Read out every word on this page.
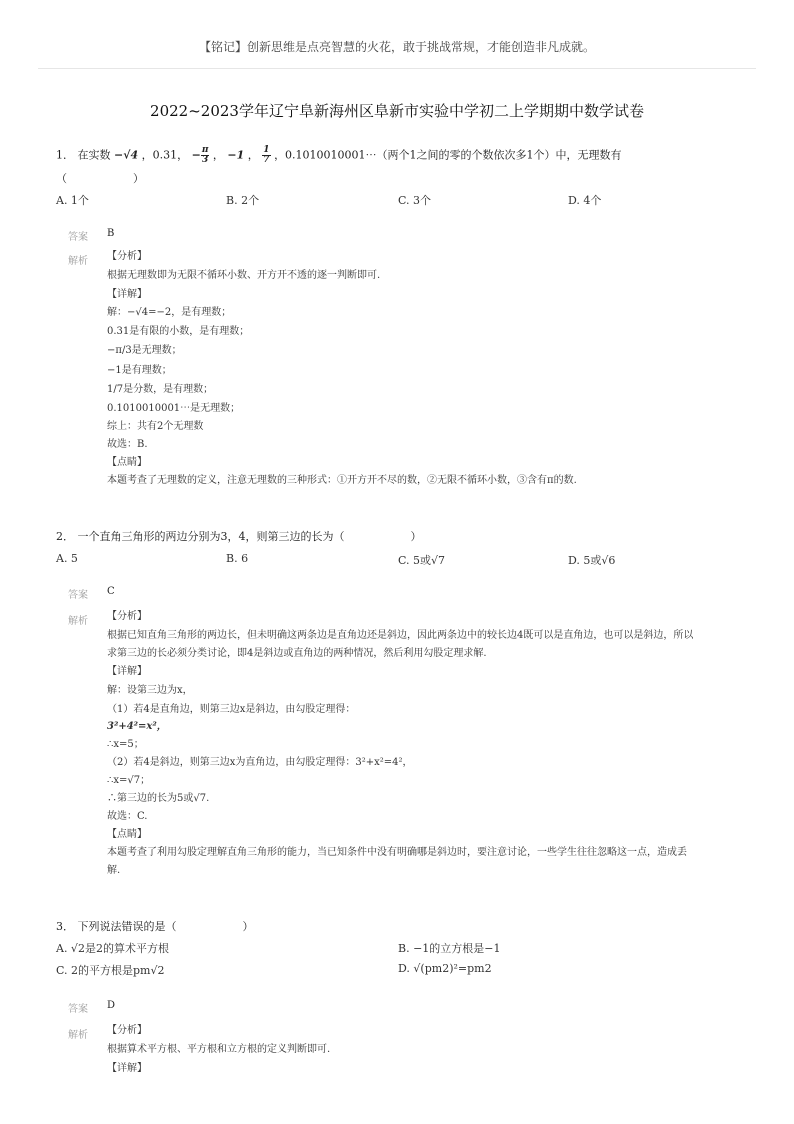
【铭记】创新思维是点亮智慧的火花，敢于挑战常规，才能创造非凡成就。
2022~2023学年辽宁阜新海州区阜新市实验中学初二上学期期中数学试卷
1． 在实数 −√4 ，0.31， − $\frac{\pi}{3}$ ， −1 ， $\frac{1}{7}$ ，0.1010010001⋯（两个1之间的零的个数依次多1个）中，无理数有
（　　　　　　）
A. 1个	B. 2个	C. 3个	D. 4个
答案 B
解析 【分析】
根据无理数即为无限不循环小数、开方开不透的逐一判断即可.
【详解】
解：−√4=−2，是有理数；
0.31是有限的小数，是有理数；
−π/3是无理数；
−1是有理数；
1/7是分数，是有理数；
0.1010010001⋯是无理数；
综上：共有2个无理数
故选：B.
【点睛】
本题考查了无理数的定义，注意无理数的三种形式：①开方开不尽的数，②无限不循环小数，③含有π的数.
2． 一个直角三角形的两边分别为3，4，则第三边的长为（　　　　　　）
A. 5	B. 6	C. 5或√7	D. 5或√6
答案 C
解析 【分析】
根据已知直角三角形的两边长，但未明确这两条边是直角边还是斜边，因此两条边中的较长边4既可以是直角边，也可以是斜边，所以
求第三边的长必须分类讨论，即4是斜边或直角边的两种情况，然后利用勾股定理求解.
【详解】
解：设第三边为x，
（1）若4是直角边，则第三边x是斜边，由勾股定理得：
3²+4²=x²，
∴x=5；
（2）若4是斜边，则第三边x为直角边，由勾股定理得：3²+x²=4²，
∴x=√7；
∴第三边的长为5或√7.
故选：C.
【点睛】
本题考查了利用勾股定理解直角三角形的能力，当已知条件中没有明确哪是斜边时，要注意讨论，一些学生往往忽略这一点，造成丢
解.
3． 下列说法错误的是（　　　　　　）
A. √2是2的算术平方根	B. −1的立方根是−1
C. 2的平方根是pm√2	D. √(pm2)²=pm2
答案 D
解析 【分析】
根据算术平方根、平方根和立方根的定义判断即可.
【详解】
